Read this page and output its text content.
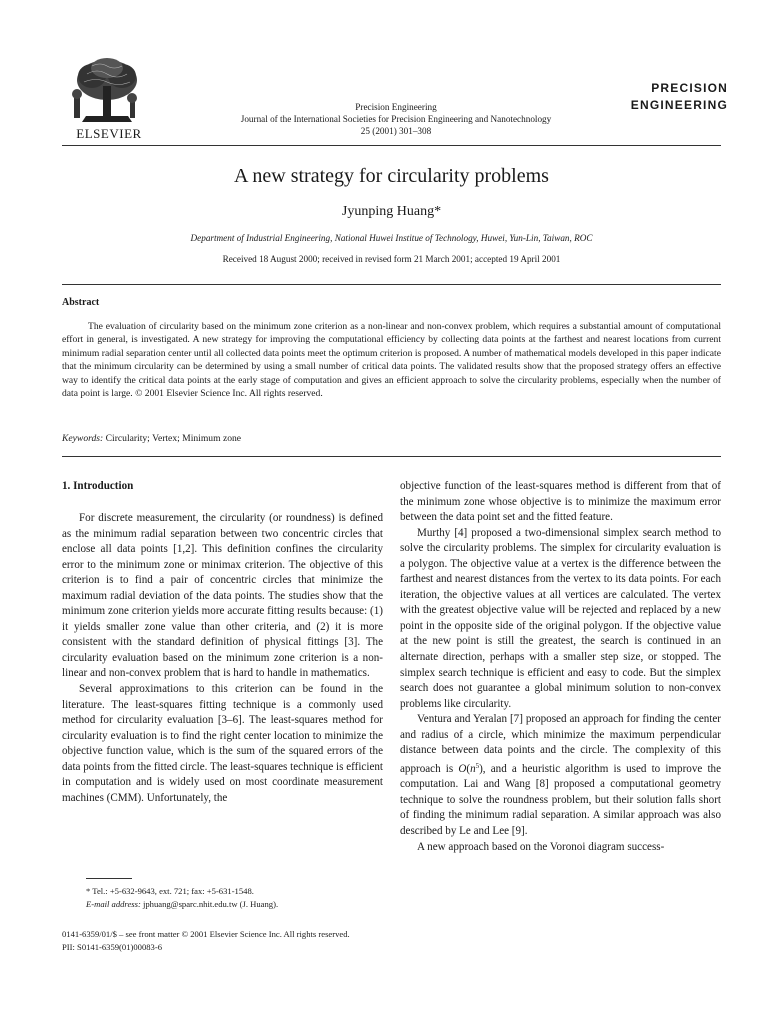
ELSEVIER
Precision Engineering
Journal of the International Societies for Precision Engineering and Nanotechnology
25 (2001) 301–308
PRECISION
ENGINEERING
A new strategy for circularity problems
Jyunping Huang*
Department of Industrial Engineering, National Huwei Institue of Technology, Huwei, Yun-Lin, Taiwan, ROC
Received 18 August 2000; received in revised form 21 March 2001; accepted 19 April 2001
Abstract
The evaluation of circularity based on the minimum zone criterion as a non-linear and non-convex problem, which requires a substantial amount of computational effort in general, is investigated. A new strategy for improving the computational efficiency by collecting data points at the farthest and nearest locations from current minimum radial separation center until all collected data points meet the optimum criterion is proposed. A number of mathematical models developed in this paper indicate that the minimum circularity can be determined by using a small number of critical data points. The validated results show that the proposed strategy offers an effective way to identify the critical data points at the early stage of computation and gives an efficient approach to solve the circularity problems, especially when the number of data point is large. © 2001 Elsevier Science Inc. All rights reserved.
Keywords: Circularity; Vertex; Minimum zone
1. Introduction

For discrete measurement, the circularity (or roundness) is defined as the minimum radial separation between two concentric circles that enclose all data points [1,2]. This definition confines the circularity error to the minimum zone or minimax criterion. The objective of this criterion is to find a pair of concentric circles that minimize the maximum radial deviation of the data points. The studies show that the minimum zone criterion yields more accurate fitting results because: (1) it yields smaller zone value than other criteria, and (2) it is more consistent with the standard definition of physical fittings [3]. The circularity evaluation based on the minimum zone criterion is a non-linear and non-convex problem that is hard to handle in mathematics.

Several approximations to this criterion can be found in the literature. The least-squares fitting technique is a commonly used method for circularity evaluation [3–6]. The least-squares method for circularity evaluation is to find the right center location to minimize the objective function value, which is the sum of the squared errors of the data points from the fitted circle. The least-squares technique is efficient in computation and is widely used on most coordinate measurement machines (CMM). Unfortunately, the

objective function of the least-squares method is different from that of the minimum zone whose objective is to minimize the maximum error between the data point set and the fitted feature.

Murthy [4] proposed a two-dimensional simplex search method to solve the circularity problems. The simplex for circularity evaluation is a polygon. The objective value at a vertex is the difference between the farthest and nearest distances from the vertex to its data points. For each iteration, the objective values at all vertices are calculated. The vertex with the greatest objective value will be rejected and replaced by a new point in the opposite side of the original polygon. If the objective value at the new point is still the greatest, the search is continued in an alternate direction, perhaps with a smaller step size, or stopped. The simplex search technique is efficient and easy to code. But the simplex search does not guarantee a global minimum solution to non-convex problems like circularity.

Ventura and Yeralan [7] proposed an approach for finding the center and radius of a circle, which minimize the maximum perpendicular distance between data points and the circle. The complexity of this approach is $O(n^5)$, and a heuristic algorithm is used to improve the computation. Lai and Wang [8] proposed a computational geometry technique to solve the roundness problem, but their solution falls short of finding the minimum radial separation. A similar approach was also described by Le and Lee [9].

A new approach based on the Voronoi diagram success-

* Tel.: +5-632-9643, ext. 721; fax: +5-631-1548.
E-mail address: jphuang@sparc.nhit.edu.tw (J. Huang).
0141-6359/01/$ – see front matter © 2001 Elsevier Science Inc. All rights reserved.
PII: S0141-6359(01)00083-6
